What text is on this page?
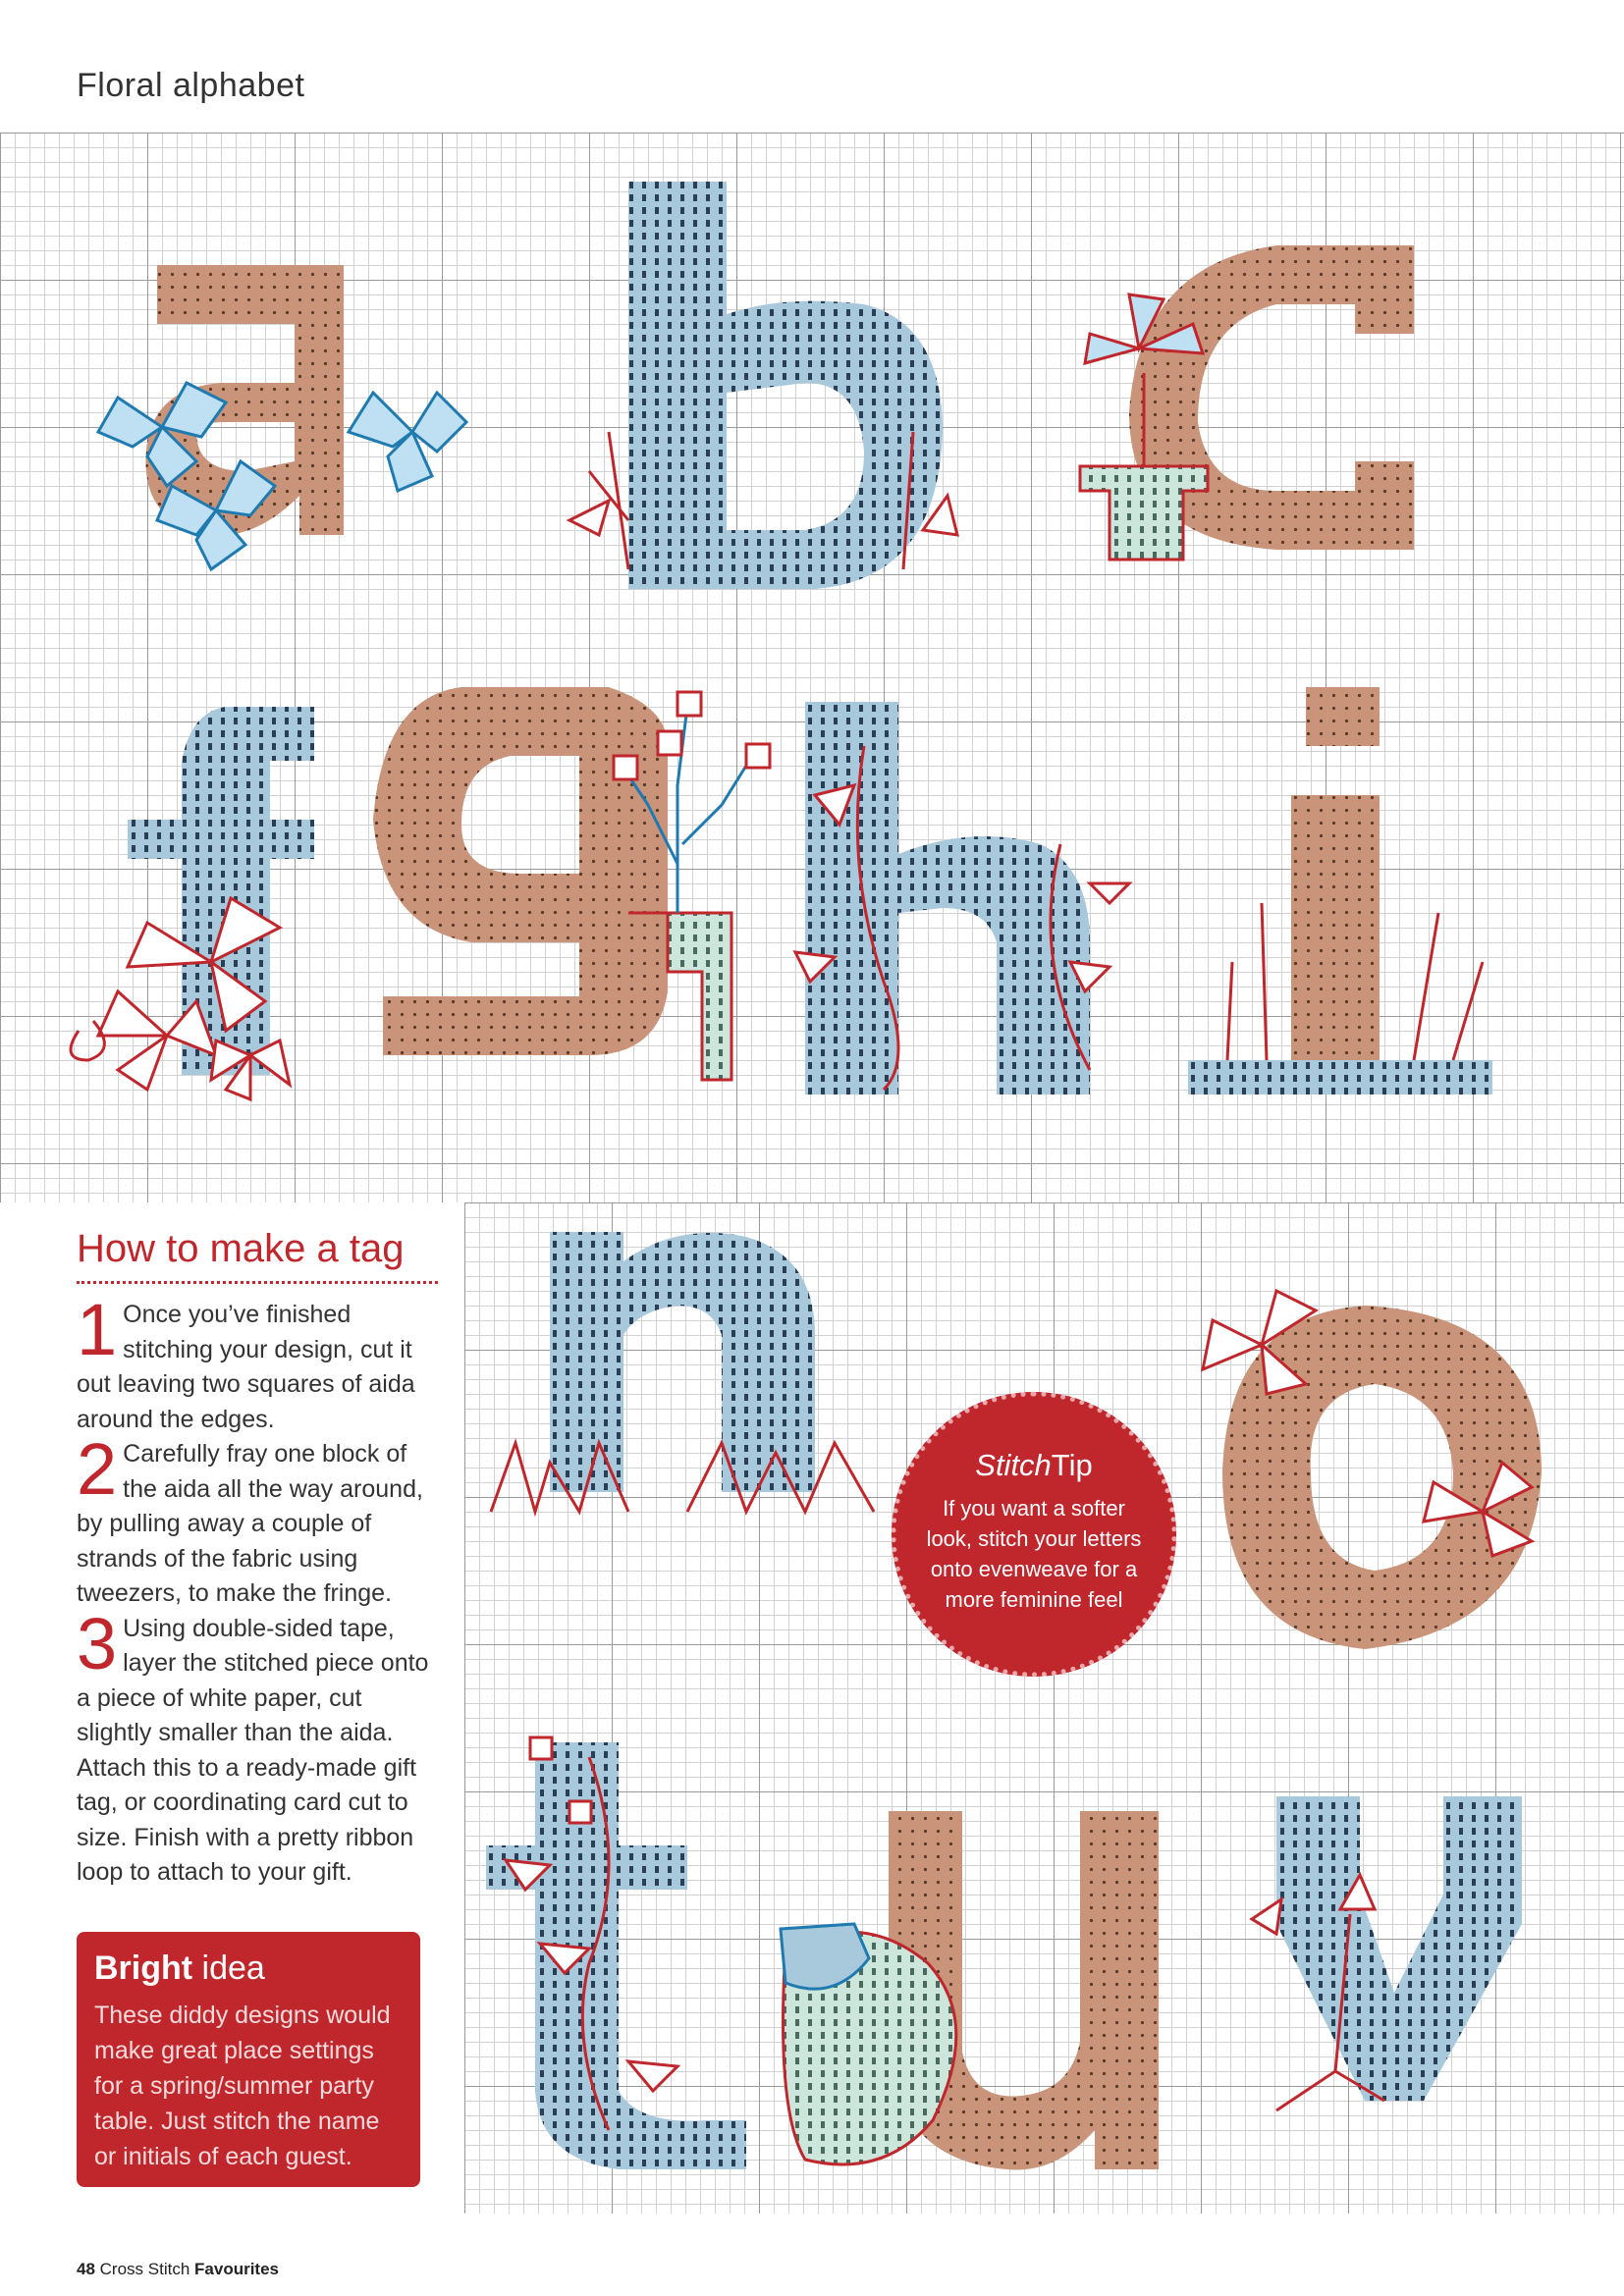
Floral alphabet
How to make a tag

1 Once you’ve finished stitching your design, cut it out leaving two squares of aida around the edges.

2 Carefully fray one block of the aida all the way around, by pulling away a couple of strands of the fabric using tweezers, to make the fringe.

3 Using double-sided tape, layer the stitched piece onto a piece of white paper, cut slightly smaller than the aida. Attach this to a ready-made gift tag, or coordinating card cut to size. Finish with a pretty ribbon loop to attach to your gift.

Bright idea

These diddy designs would make great place settings for a spring/summer party table. Just stitch the name or initials of each guest.

StitchTip
If you want a softer look, stitch your letters onto evenweave for a more feminine feel
48 Cross Stitch Favourites
